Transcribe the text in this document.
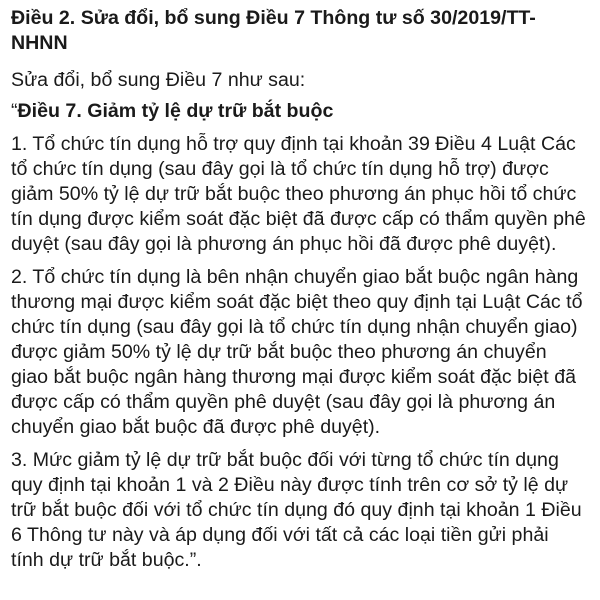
Điều 2. Sửa đổi, bổ sung Điều 7 Thông tư số 30/2019/TT-NHNN
Sửa đổi, bổ sung Điều 7 như sau:
“Điều 7. Giảm tỷ lệ dự trữ bắt buộc
1. Tổ chức tín dụng hỗ trợ quy định tại khoản 39 Điều 4 Luật Các tổ chức tín dụng (sau đây gọi là tổ chức tín dụng hỗ trợ) được giảm 50% tỷ lệ dự trữ bắt buộc theo phương án phục hồi tổ chức tín dụng được kiểm soát đặc biệt đã được cấp có thẩm quyền phê duyệt (sau đây gọi là phương án phục hồi đã được phê duyệt).
2. Tổ chức tín dụng là bên nhận chuyển giao bắt buộc ngân hàng thương mại được kiểm soát đặc biệt theo quy định tại Luật Các tổ chức tín dụng (sau đây gọi là tổ chức tín dụng nhận chuyển giao) được giảm 50% tỷ lệ dự trữ bắt buộc theo phương án chuyển giao bắt buộc ngân hàng thương mại được kiểm soát đặc biệt đã được cấp có thẩm quyền phê duyệt (sau đây gọi là phương án chuyển giao bắt buộc đã được phê duyệt).
3. Mức giảm tỷ lệ dự trữ bắt buộc đối với từng tổ chức tín dụng quy định tại khoản 1 và 2 Điều này được tính trên cơ sở tỷ lệ dự trữ bắt buộc đối với tổ chức tín dụng đó quy định tại khoản 1 Điều 6 Thông tư này và áp dụng đối với tất cả các loại tiền gửi phải tính dự trữ bắt buộc.”.
